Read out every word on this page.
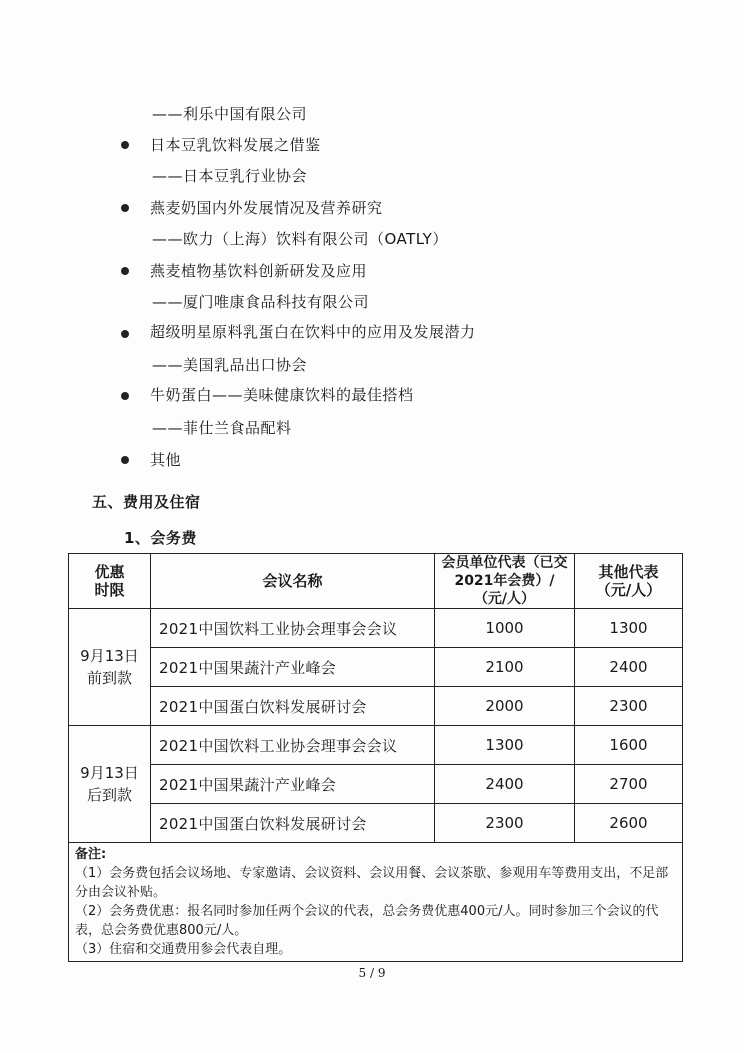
——利乐中国有限公司
日本豆乳饮料发展之借鉴
——日本豆乳行业协会
燕麦奶国内外发展情况及营养研究
——欧力（上海）饮料有限公司（OATLY）
燕麦植物基饮料创新研发及应用
——厦门唯康食品科技有限公司
超级明星原料乳蛋白在饮料中的应用及发展潜力
——美国乳品出口协会
牛奶蛋白——美味健康饮料的最佳搭档
——菲仕兰食品配料
其他
五、费用及住宿
1、会务费
优惠时限	会议名称	会员单位代表（已交2021年会费）/（元/人）	其他代表（元/人）
9月13日前到款	2021中国饮料工业协会理事会会议	1000	1300
	2021中国果蔬汁产业峰会	2100	2400
	2021中国蛋白饮料发展研讨会	2000	2300
9月13日后到款	2021中国饮料工业协会理事会会议	1300	1600
	2021中国果蔬汁产业峰会	2400	2700
	2021中国蛋白饮料发展研讨会	2300	2600

备注:
（1）会务费包括会议场地、专家邀请、会议资料、会议用餐、会议茶歇、参观用车等费用支出，不足部分由会议补贴。
（2）会务费优惠：报名同时参加任两个会议的代表，总会务费优惠400元/人。同时参加三个会议的代表，总会务费优惠800元/人。
（3）住宿和交通费用参会代表自理。			
5 / 9
